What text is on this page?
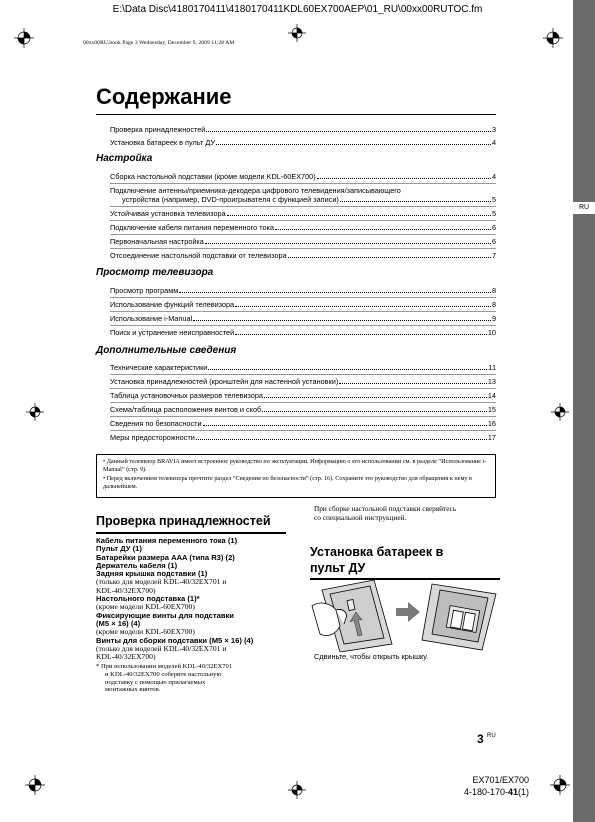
E:\Data Disc\4180170411\4180170411KDL60EX700AEP\01_RU\00xx00RUTOC.fm
00xx00RU.book Page 3 Wednesday, December 9, 2009 11:28 AM
RU
Содержание
Проверка принадлежностей	3
Установка батареек в пульт ДУ	4
Настройка
Сборка настольной подставки (кроме модели KDL-60EX700)	4
Подключение антенны/приемника-декодера цифрового телевидения/записывающего
устройства (например, DVD-проигрывателя с функцией записи)	5
Устойчивая установка телевизора	5
Подключение кабеля питания переменного тока	6
Первоначальная настройка	6
Отсоединение настольной подставки от телевизора	7
Просмотр телевизора
Просмотр программ	8
Использование функций телевизора	8
Использование i-Manual	9
Поиск и устранение неисправностей	10
Дополнительные сведения
Технические характеристики	11
Установка принадлежностей (кронштейн для настенной установки)	13
Таблица установочных размеров телевизора	14
Схема/таблица расположения винтов и скоб	15
Сведения по безопасности	16
Меры предосторожности	17
• Данный телевизор BRAVIA имеет встроенное руководство по эксплуатации. Информацию о его использовании см. в разделе “Использование i-Manual” (стр. 9).
• Перед включением телевизора прочтите раздел “Сведения по безопасности” (стр. 16). Сохраните это руководство для обращения к нему в дальнейшем.
Проверка принадлежностей
Кабель питания переменного тока (1)
Пульт ДУ (1)
Батарейки размера AAA (типа R3) (2)
Держатель кабеля (1)
Задняя крышка подставки (1)
(только для моделей KDL-40/32EX701 и
KDL-40/32EX700)
Настольного подставка (1)*
(кроме модели KDL-60EX700)
Фиксирующие винты для подставки
(M5 × 16) (4)
(кроме модели KDL-60EX700)
Винты для сборки подставки (M5 × 16) (4)
(только для моделей KDL-40/32EX701 и
KDL-40/32EX700)
* При использовании моделей KDL-40/32EX701
и KDL-40/32EX700 соберите настольную
подставку с помощью прилагаемых
монтажных винтов.
При сборке настольной подставки сверяйтесь
со специальной инструкцией.
Установка батареек в
пульт ДУ
Сдвиньте, чтобы открыть крышку.
3 RU
EX701/EX700
4-180-170-41(1)
